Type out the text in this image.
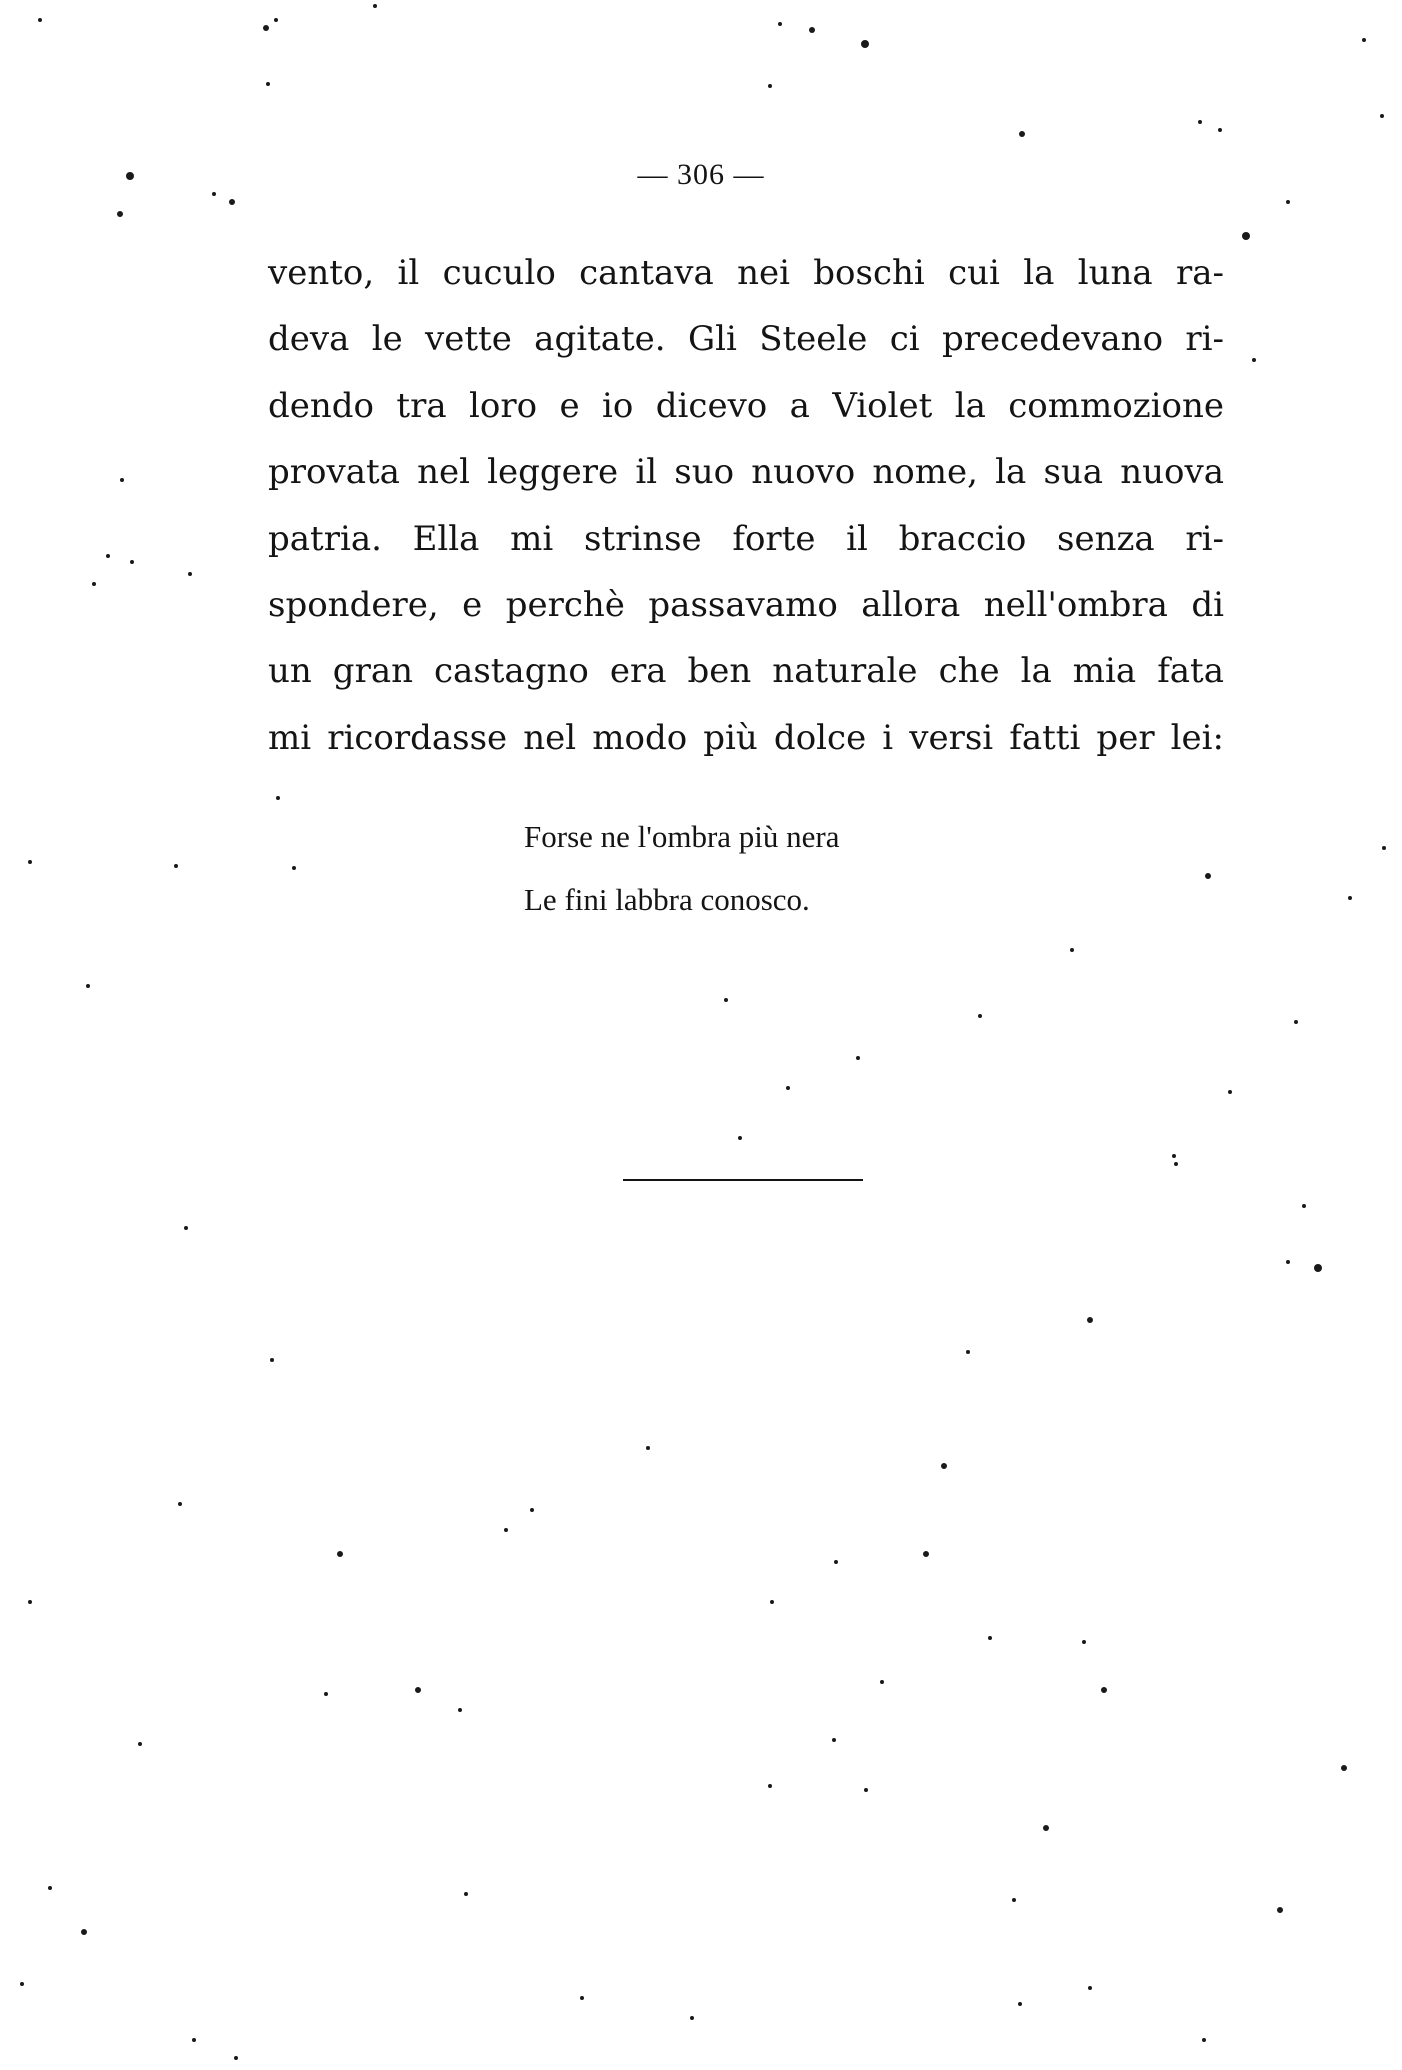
— 306 —
vento, il cuculo cantava nei boschi cui la luna ra-
deva le vette agitate. Gli Steele ci precedevano ri-
dendo tra loro e io dicevo a Violet la commozione
provata nel leggere il suo nuovo nome, la sua nuova
patria. Ella mi strinse forte il braccio senza ri-
spondere, e perchè passavamo allora nell'ombra di
un gran castagno era ben naturale che la mia fata
mi ricordasse nel modo più dolce i versi fatti per lei:
Forse ne l'ombra più nera
Le fini labbra conosco.
